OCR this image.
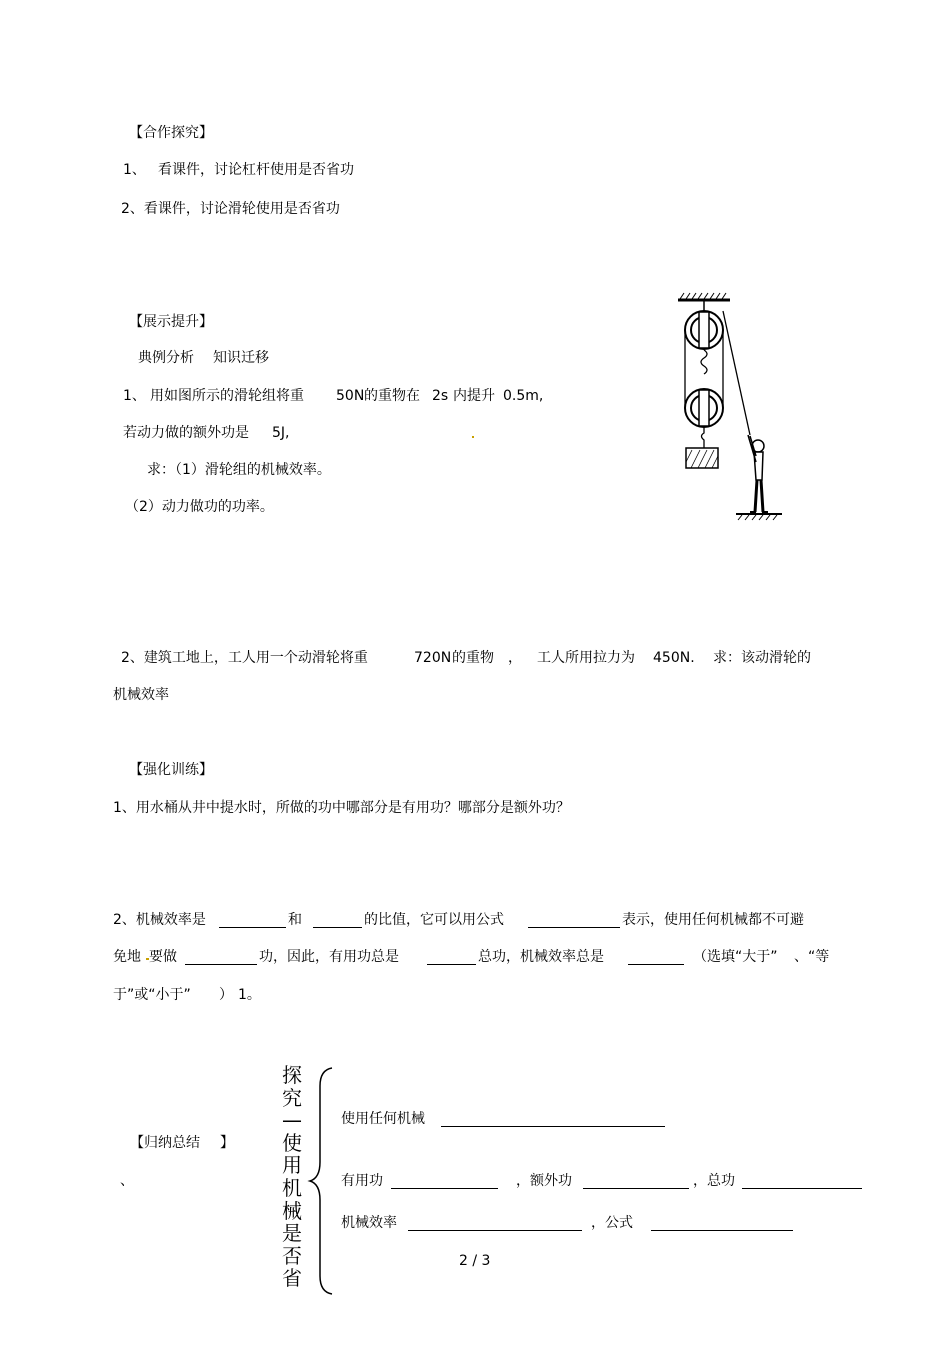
【合作探究】
1、 看课件，讨论杠杆使用是否省功
2、看课件，讨论滑轮使用是否省功
【展示提升】
典例分析 知识迁移
1、 用如图所示的滑轮组将重 50N 的重物在 2s 内提升 0.5m,
若动力做的额外功是 5J,
求：（1）滑轮组的机械效率。
（2）动力做功的功率。
2、建筑工地上，工人用一个动滑轮将重	720N 的重物 ， 工人所用拉力为 450N. 求：该动滑轮的
机械效率
【强化训练】
1、用水桶从井中提水时，所做的功中哪部分是有用功？哪部分是额外功？
2、机械效率是	和	的比值，它可以用公式	表示，使用任何机械都不可避
免地 要做	功，因此，有用功总是	总功，机械效率总是	（选填“大于” 、“等
于”或“小于” ） 1。
【归纳总结 】
、
探究—使用机械是否省
使用任何机械
有用功	，额外功	，总功
机械效率	，公式
2 / 3
